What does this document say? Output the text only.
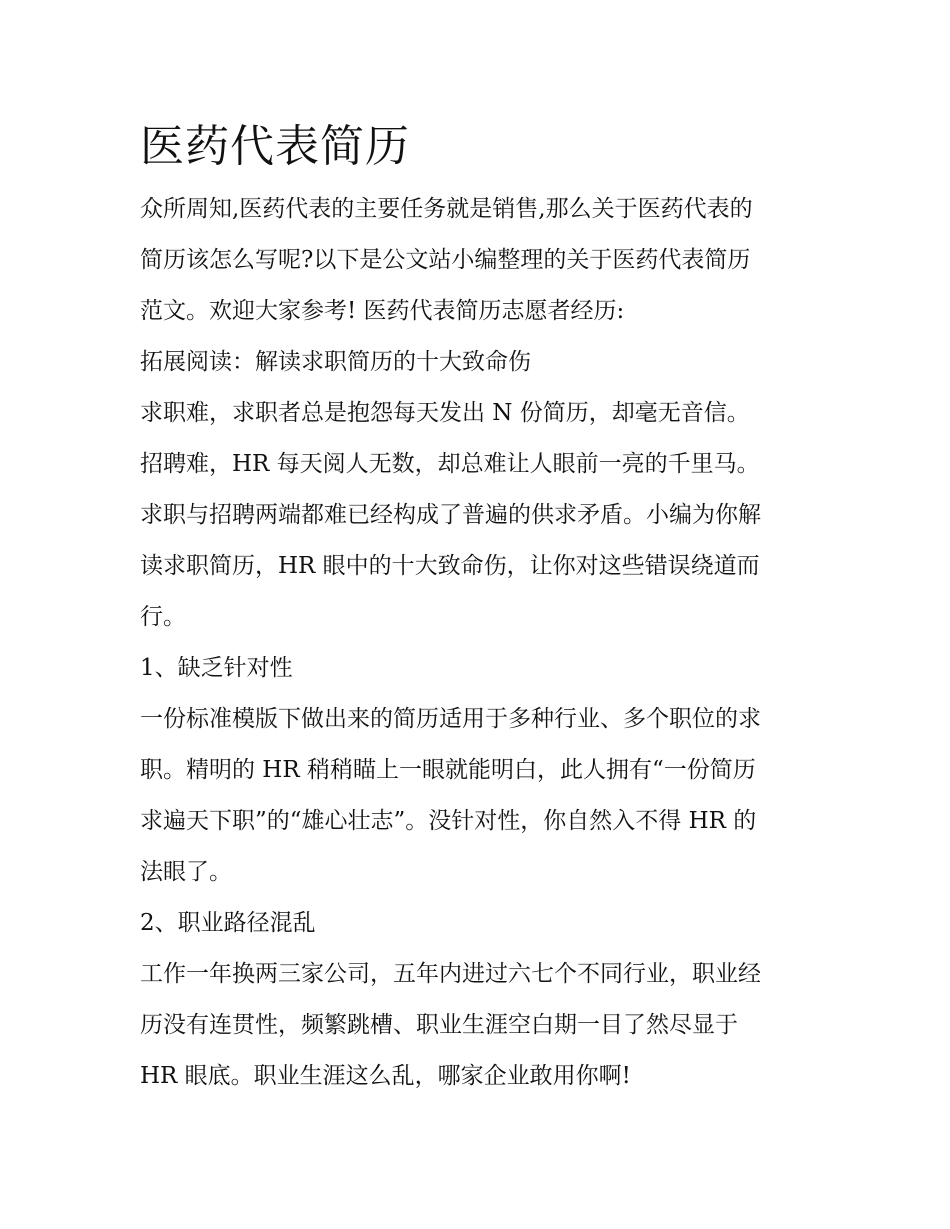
医药代表简历
众所周知,医药代表的主要任务就是销售,那么关于医药代表的
简历该怎么写呢?以下是公文站小编整理的关于医药代表简历
范文。欢迎大家参考! 医药代表简历志愿者经历:
拓展阅读：解读求职简历的十大致命伤
求职难，求职者总是抱怨每天发出 N 份简历，却毫无音信。
招聘难，HR 每天阅人无数，却总难让人眼前一亮的千里马。
求职与招聘两端都难已经构成了普遍的供求矛盾。小编为你解
读求职简历，HR 眼中的十大致命伤，让你对这些错误绕道而
行。
1、缺乏针对性
一份标准模版下做出来的简历适用于多种行业、多个职位的求
职。精明的 HR 稍稍瞄上一眼就能明白，此人拥有“一份简历
求遍天下职”的“雄心壮志”。没针对性，你自然入不得 HR 的
法眼了。
2、职业路径混乱
工作一年换两三家公司，五年内进过六七个不同行业，职业经
历没有连贯性，频繁跳槽、职业生涯空白期一目了然尽显于
HR 眼底。职业生涯这么乱，哪家企业敢用你啊!
